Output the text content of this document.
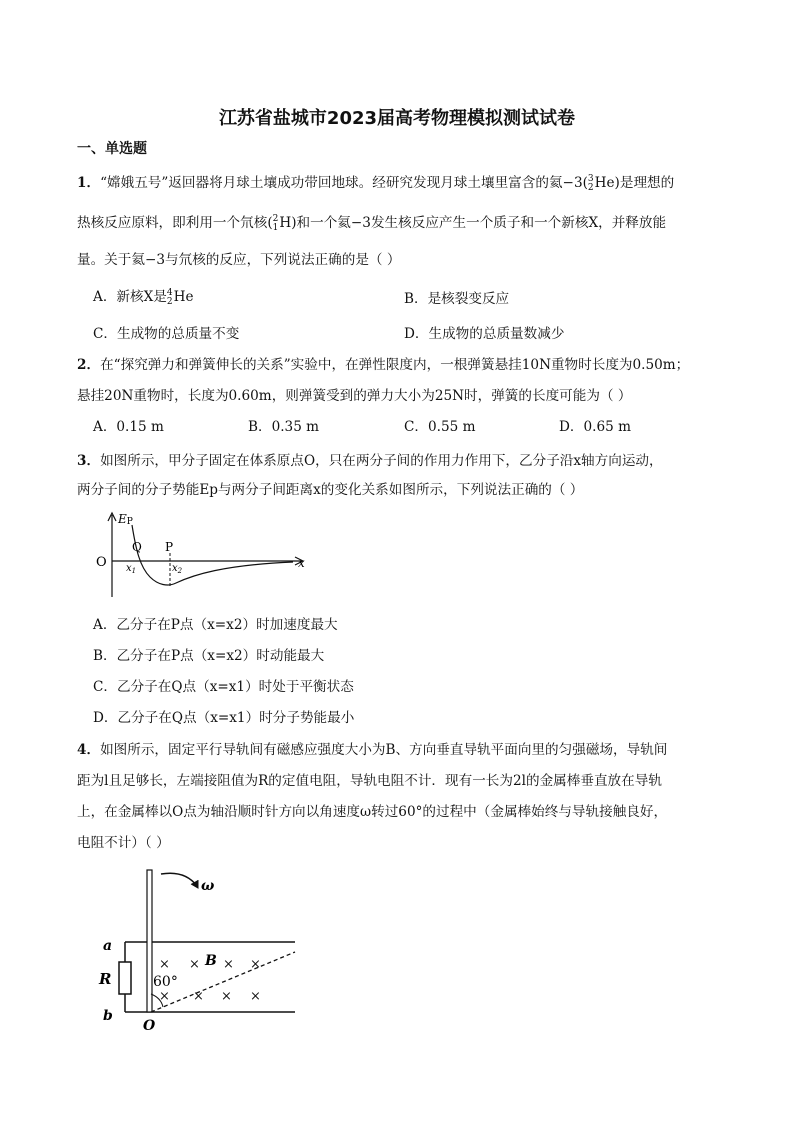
江苏省盐城市2023届高考物理模拟测试试卷
一、单选题
1．“嫦娥五号”返回器将月球土壤成功带回地球。经研究发现月球土壤里富含的氦−3( 3
2 He)是理想的
热核反应原料，即利用一个氘核( 2
1 H)和一个氦−3发生核反应产生一个质子和一个新核X，并释放能
量。关于氦−3与氘核的反应，下列说法正确的是（ ）
A．新核X是 4
2 He	B．是核裂变反应
C．生成物的总质量不变	D．生成物的总质量数减少
2．在“探究弹力和弹簧伸长的关系”实验中，在弹性限度内，一根弹簧悬挂10N重物时长度为0.50m；
悬挂20N重物时，长度为0.60m，则弹簧受到的弹力大小为25N时，弹簧的长度可能为（ ）
A．0.15 m	B．0.35 m	C．0.55 m	D．0.65 m
3．如图所示，甲分子固定在体系原点O，只在两分子间的作用力作用下，乙分子沿x轴方向运动，
两分子间的分子势能Ep与两分子间距离x的变化关系如图所示，下列说法正确的（ ）
EP
O
Q P
$x_1$	$x_2$
x
A．乙分子在P点（x=x2）时加速度最大
B．乙分子在P点（x=x2）时动能最大
C．乙分子在Q点（x=x1）时处于平衡状态
D．乙分子在Q点（x=x1）时分子势能最小
4．如图所示，固定平行导轨间有磁感应强度大小为B、方向垂直导轨平面向里的匀强磁场，导轨间
距为l且足够长，左端接阻值为R的定值电阻，导轨电阻不计．现有一长为2l的金属棒垂直放在导轨
上，在金属棒以O点为轴沿顺时针方向以角速度ω转过60°的过程中（金属棒始终与导轨接触良好，
电阻不计）（ ）
ω
× × × ×
× × × ×
B
60°
a
b
R
O
